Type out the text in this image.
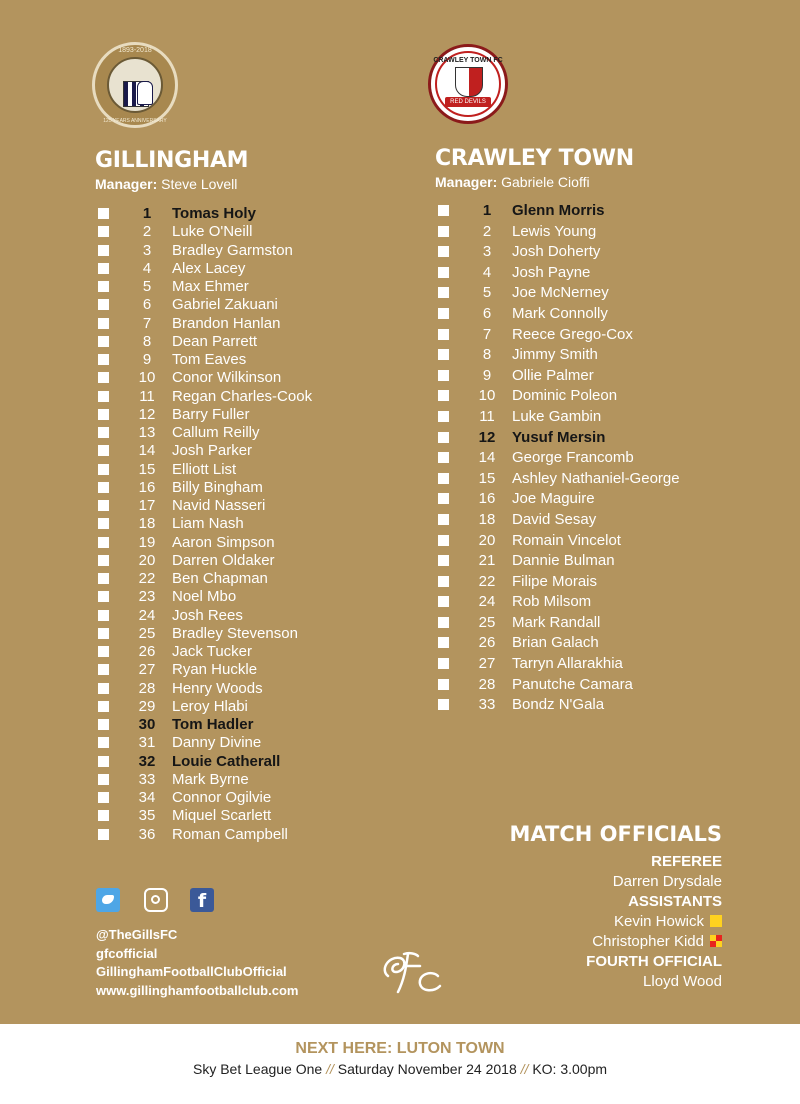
1893-2018
125 YEARS ANNIVERSARY
CRAWLEY TOWN FC
RED DEVILS
GILLINGHAM
Manager: Steve Lovell
CRAWLEY TOWN
Manager: Gabriele Cioffi
1	Tomas Holy
2	Luke O'Neill
3	Bradley Garmston
4	Alex Lacey
5	Max Ehmer
6	Gabriel Zakuani
7	Brandon Hanlan
8	Dean Parrett
9	Tom Eaves
10	Conor Wilkinson
11	Regan Charles-Cook
12	Barry Fuller
13	Callum Reilly
14	Josh Parker
15	Elliott List
16	Billy Bingham
17	Navid Nasseri
18	Liam Nash
19	Aaron Simpson
20	Darren Oldaker
22	Ben Chapman
23	Noel Mbo
24	Josh Rees
25	Bradley Stevenson
26	Jack Tucker
27	Ryan Huckle
28	Henry Woods
29	Leroy Hlabi
30	Tom Hadler
31	Danny Divine
32	Louie Catherall
33	Mark Byrne
34	Connor Ogilvie
35	Miquel Scarlett
36	Roman Campbell
1	Glenn Morris
2	Lewis Young
3	Josh Doherty
4	Josh Payne
5	Joe McNerney
6	Mark Connolly
7	Reece Grego-Cox
8	Jimmy Smith
9	Ollie Palmer
10	Dominic Poleon
11	Luke Gambin
12	Yusuf Mersin
14	George Francomb
15	Ashley Nathaniel-George
16	Joe Maguire
18	David Sesay
20	Romain Vincelot
21	Dannie Bulman
22	Filipe Morais
24	Rob Milsom
25	Mark Randall
26	Brian Galach
27	Tarryn Allarakhia
28	Panutche Camara
33	Bondz N'Gala
MATCH OFFICIALS
REFEREE
Darren Drysdale
ASSISTANTS
Kevin Howick
Christopher Kidd
FOURTH OFFICIAL
Lloyd Wood
f
@TheGillsFC
gfcofficial
GillinghamFootballClubOfficial
www.gillinghamfootballclub.com
NEXT HERE: LUTON TOWN
Sky Bet League One // Saturday November 24 2018 // KO: 3.00pm
